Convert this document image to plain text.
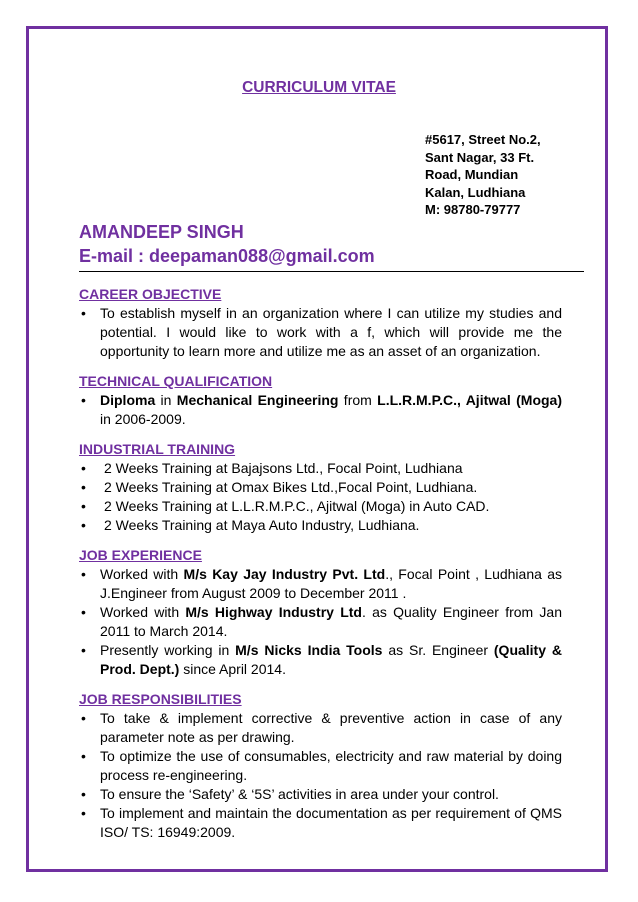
CURRICULUM VITAE
#5617, Street No.2,
Sant Nagar, 33 Ft.
Road, Mundian
Kalan, Ludhiana
M: 98780-79777
AMANDEEP SINGH
E-mail : deepaman088@gmail.com
CAREER OBJECTIVE
• To establish myself in an organization where I can utilize my studies and potential. I would like to work with a f, which will provide me the opportunity to learn more and utilize me as an asset of an organization.
TECHNICAL QUALIFICATION
• Diploma in Mechanical Engineering from L.L.R.M.P.C., Ajitwal (Moga) in 2006-2009.
INDUSTRIAL TRAINING
• 2 Weeks Training at Bajajsons Ltd., Focal Point, Ludhiana
• 2 Weeks Training at Omax Bikes Ltd.,Focal Point, Ludhiana.
• 2 Weeks Training at L.L.R.M.P.C., Ajitwal (Moga) in Auto CAD.
• 2 Weeks Training at Maya Auto Industry, Ludhiana.
JOB EXPERIENCE
• Worked with M/s Kay Jay Industry Pvt. Ltd., Focal Point , Ludhiana as J.Engineer from August 2009 to December 2011 .
• Worked with M/s Highway Industry Ltd. as Quality Engineer from Jan 2011 to March 2014.
• Presently working in M/s Nicks India Tools as Sr. Engineer (Quality & Prod. Dept.) since April 2014.
JOB RESPONSIBILITIES
• To take & implement corrective & preventive action in case of any parameter note as per drawing.
• To optimize the use of consumables, electricity and raw material by doing process re-engineering.
• To ensure the ‘Safety’ & ‘5S’ activities in area under your control.
• To implement and maintain the documentation as per requirement of QMS ISO/ TS: 16949:2009.
